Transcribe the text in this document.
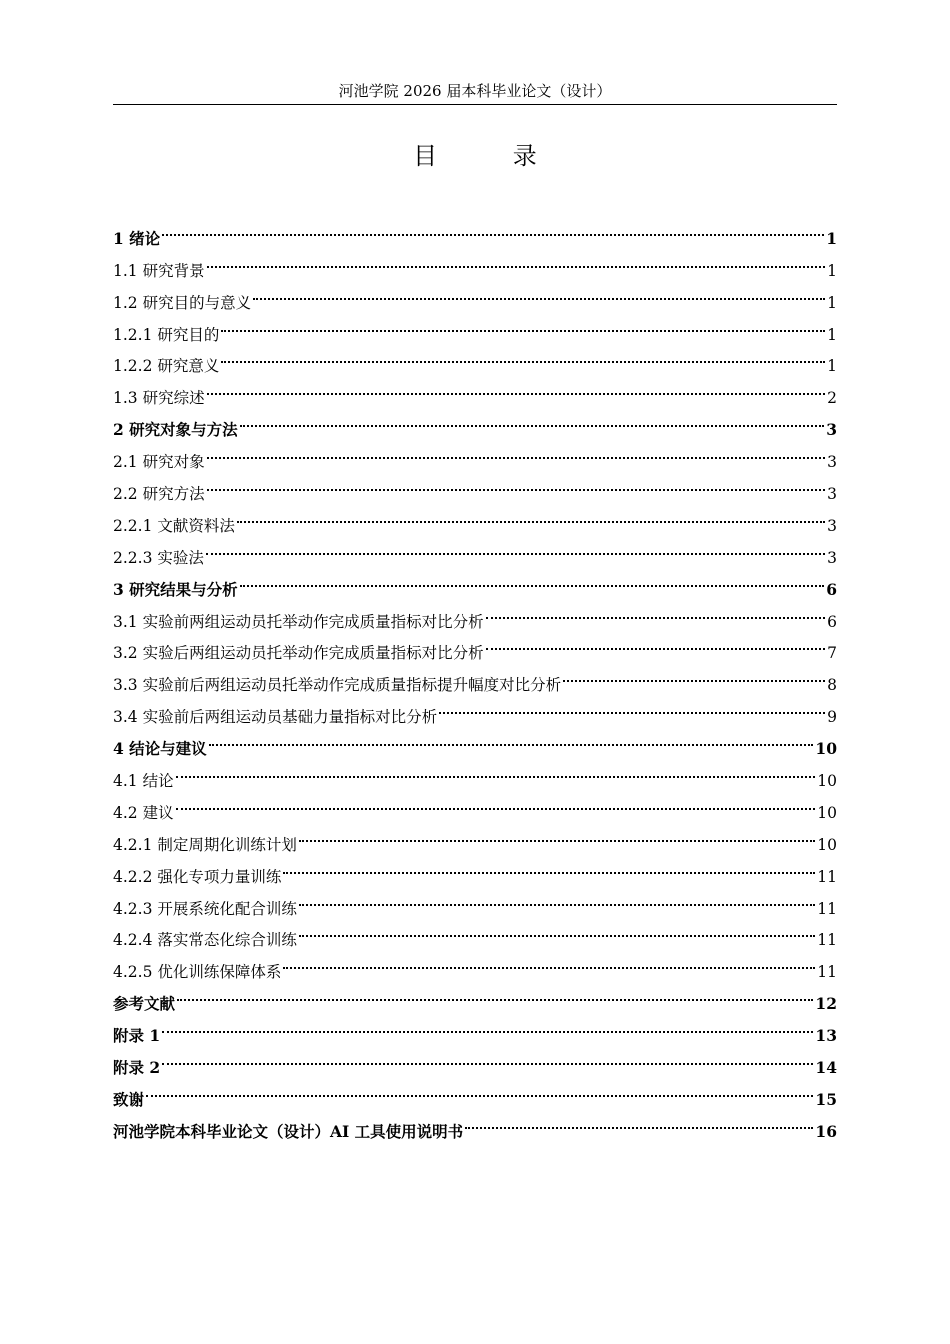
河池学院 2026 届本科毕业论文（设计）
目 录
1 绪论	1
1.1 研究背景	1
1.2 研究目的与意义	1
1.2.1 研究目的	1
1.2.2 研究意义	1
1.3 研究综述	2
2 研究对象与方法	3
2.1 研究对象	3
2.2 研究方法	3
2.2.1 文献资料法	3
2.2.3 实验法	3
3 研究结果与分析	6
3.1 实验前两组运动员托举动作完成质量指标对比分析	6
3.2 实验后两组运动员托举动作完成质量指标对比分析	7
3.3 实验前后两组运动员托举动作完成质量指标提升幅度对比分析	8
3.4 实验前后两组运动员基础力量指标对比分析	9
4 结论与建议	10
4.1 结论	10
4.2 建议	10
4.2.1 制定周期化训练计划	10
4.2.2 强化专项力量训练	11
4.2.3 开展系统化配合训练	11
4.2.4 落实常态化综合训练	11
4.2.5 优化训练保障体系	11
参考文献	12
附录 1	13
附录 2	14
致谢	15
河池学院本科毕业论文（设计）AI 工具使用说明书	16
